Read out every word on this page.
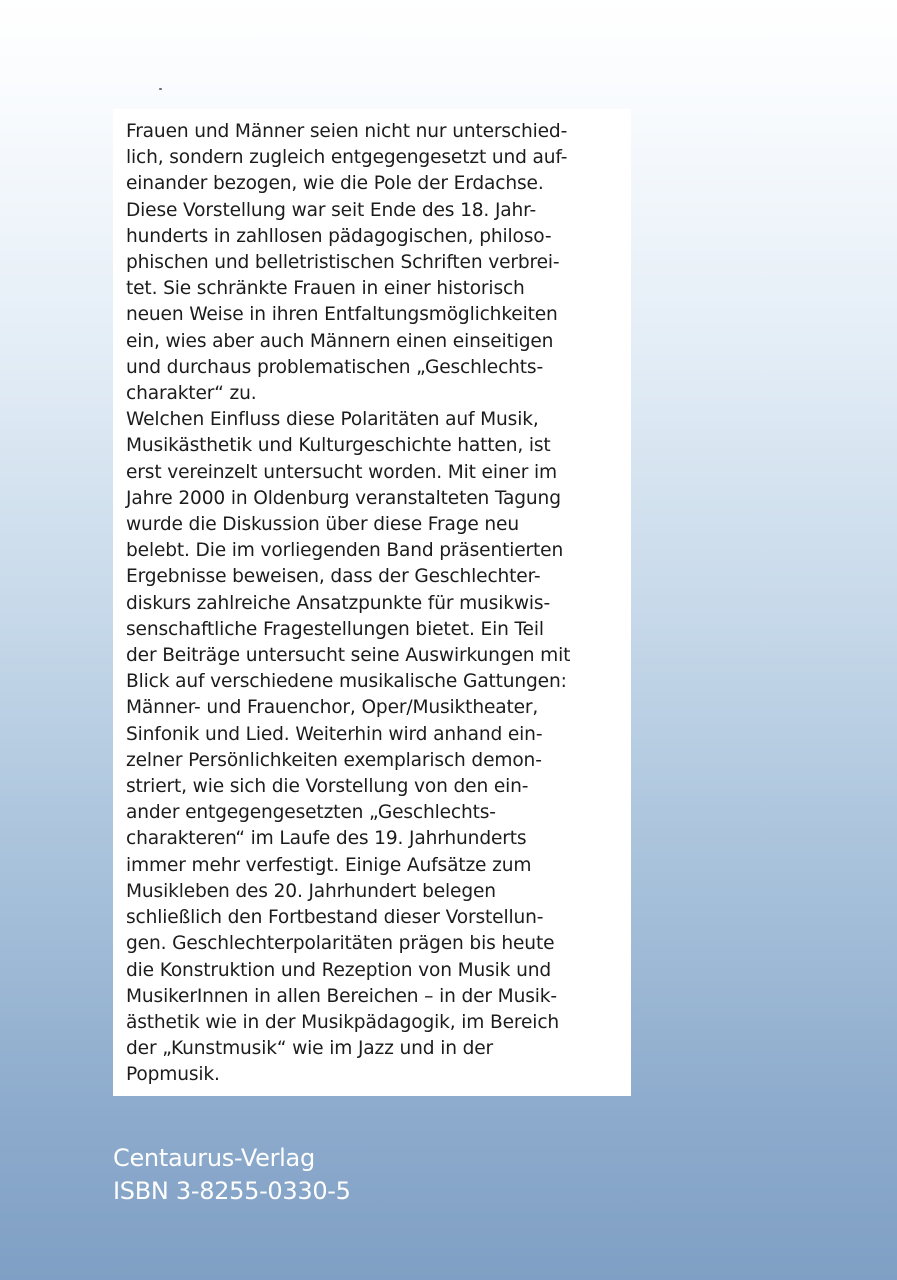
Frauen und Männer seien nicht nur unterschied-
lich, sondern zugleich entgegengesetzt und auf-
einander bezogen, wie die Pole der Erdachse.
Diese Vorstellung war seit Ende des 18. Jahr-
hunderts in zahllosen pädagogischen, philoso-
phischen und belletristischen Schriften verbrei-
tet. Sie schränkte Frauen in einer historisch
neuen Weise in ihren Entfaltungsmöglichkeiten
ein, wies aber auch Männern einen einseitigen
und durchaus problematischen „Geschlechts-
charakter“ zu.
Welchen Einfluss diese Polaritäten auf Musik,
Musikästhetik und Kulturgeschichte hatten, ist
erst vereinzelt untersucht worden. Mit einer im
Jahre 2000 in Oldenburg veranstalteten Tagung
wurde die Diskussion über diese Frage neu
belebt. Die im vorliegenden Band präsentierten
Ergebnisse beweisen, dass der Geschlechter-
diskurs zahlreiche Ansatzpunkte für musikwis-
senschaftliche Fragestellungen bietet. Ein Teil
der Beiträge untersucht seine Auswirkungen mit
Blick auf verschiedene musikalische Gattungen:
Männer- und Frauenchor, Oper/Musiktheater,
Sinfonik und Lied. Weiterhin wird anhand ein-
zelner Persönlichkeiten exemplarisch demon-
striert, wie sich die Vorstellung von den ein-
ander entgegengesetzten „Geschlechts-
charakteren“ im Laufe des 19. Jahrhunderts
immer mehr verfestigt. Einige Aufsätze zum
Musikleben des 20. Jahrhundert belegen
schließlich den Fortbestand dieser Vorstellun-
gen. Geschlechterpolaritäten prägen bis heute
die Konstruktion und Rezeption von Musik und
MusikerInnen in allen Bereichen – in der Musik-
ästhetik wie in der Musikpädagogik, im Bereich
der „Kunstmusik“ wie im Jazz und in der
Popmusik.
Centaurus-Verlag
ISBN 3-8255-0330-5
